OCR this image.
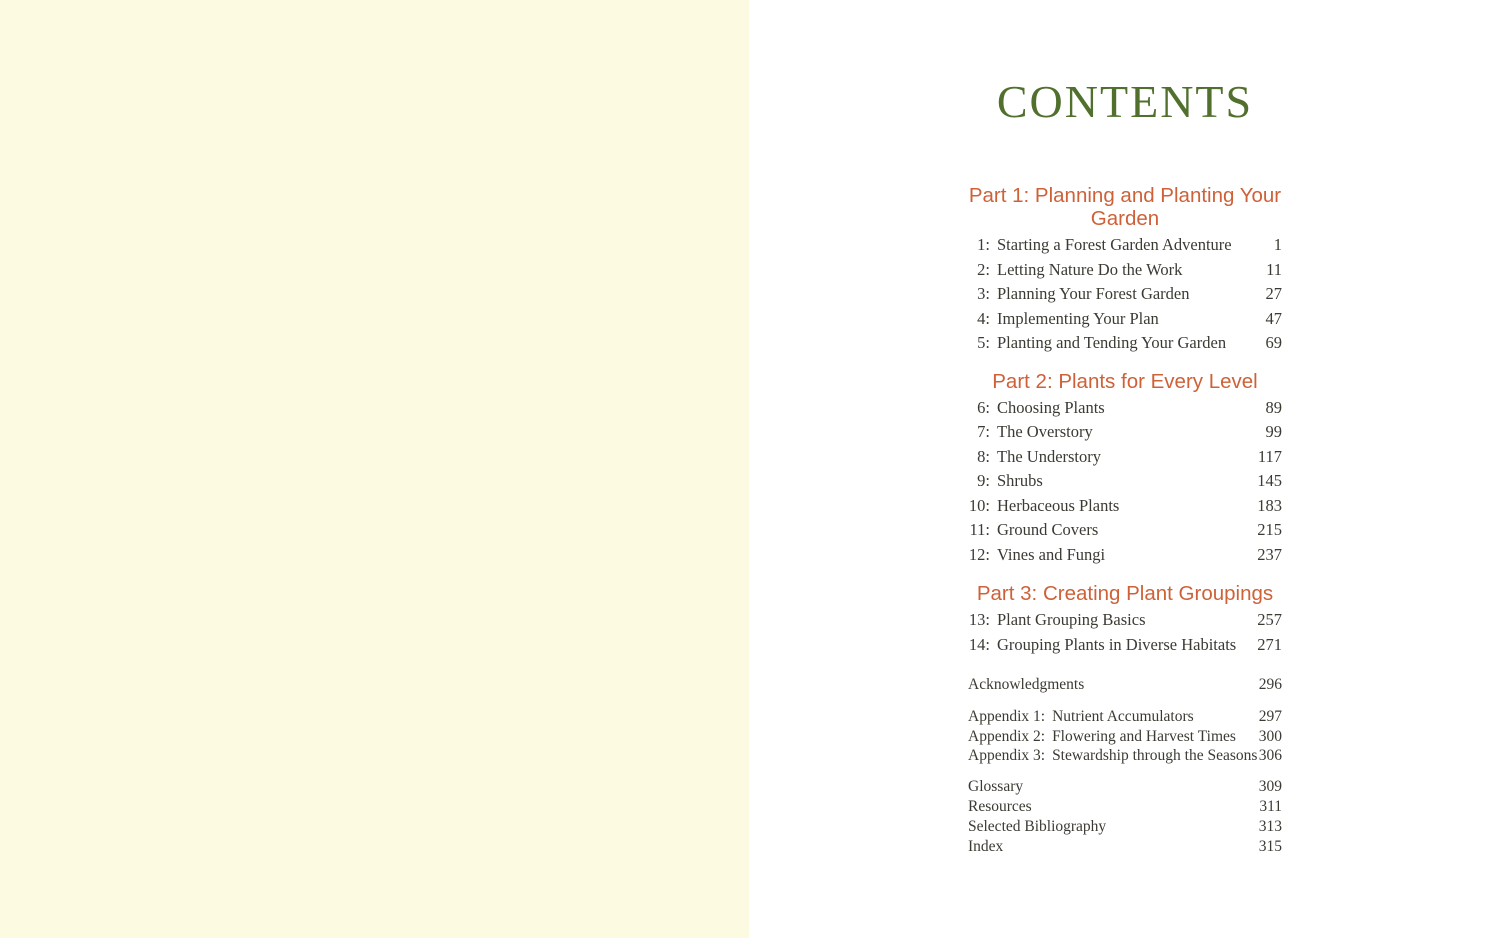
CONTENTS
Part 1: Planning and Planting Your Garden
1: Starting a Forest Garden Adventure	1
2: Letting Nature Do the Work	11
3: Planning Your Forest Garden	27
4: Implementing Your Plan	47
5: Planting and Tending Your Garden	69
Part 2: Plants for Every Level
6: Choosing Plants	89
7: The Overstory	99
8: The Understory	117
9: Shrubs	145
10: Herbaceous Plants	183
11: Ground Covers	215
12: Vines and Fungi	237
Part 3: Creating Plant Groupings
13: Plant Grouping Basics	257
14: Grouping Plants in Diverse Habitats	271
Acknowledgments	296
Appendix 1: Nutrient Accumulators	297
Appendix 2: Flowering and Harvest Times	300
Appendix 3: Stewardship through the Seasons 306
Glossary	309
Resources	311
Selected Bibliography	313
Index	315
